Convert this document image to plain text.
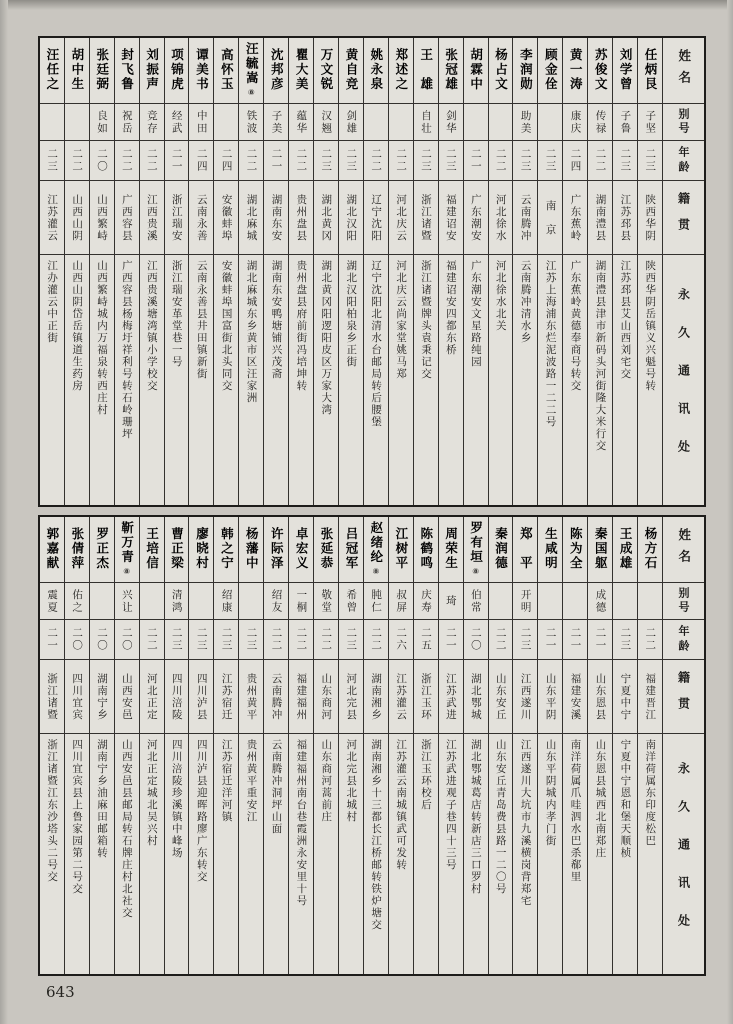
姓名
别号
年龄
籍贯
永久通讯处
任炳艮
子坚
二三
陕西华阴
陕西华阴岳镇义兴魁号转
刘学曾
子鲁
二三
江苏邳县
江苏邳县艾山西刘宅交
苏俊文
传禄
二二
湖南澧县
湖南澧县津市新码头河街隆大米行交
黄一涛
康庆
二四
广东蕉岭
广东蕉岭黄德奉商号转交
顾金佺
二三
南　京
江苏上海浦东烂泥波路一二二号
李润勋
助美
二三
云南腾冲
云南腾冲清水乡
杨占文
二二
河北徐水
河北徐水北关
胡霖中
二一
广东潮安
广东潮安文星路纯园
张冠雄
剑华
二三
福建诏安
福建诏安四都东桥
王　雄
自壮
二三
浙江诸暨
浙江诸暨牌头袁秉记交
郑述之
二二
河北庆云
河北庆云尚家堂姚马郑
姚永泉
二二
辽宁沈阳
辽宁沈阳北清水台邮局转后腰堡
黄自竞
剑雄
二三
湖北汉阳
湖北汉阳柏泉乡正街
万文锐
汉翘
二三
湖北黄冈
湖北黄冈阳逻阳皮区万家大湾
瞿大美
蕴华
二二
贵州盘县
贵州盘县府前街冯培坤转
沈邦彦
子美
二一
湖南东安
湖南东安鸭塘铺兴茂斋
汪毓嵩
⑧
铁波
二二
湖北麻城
湖北麻城东乡黄市区汪家洲
高怀玉
二四
安徽蚌埠
安徽蚌埠国富街北头同交
谭美书
中田
二四
云南永善
云南永善县井田镇新街
项锦虎
经武
二一
浙江瑞安
浙江瑞安革堂巷一号
刘振声
竞存
二二
江西贵溪
江西贵溪塘湾镇小学校交
封飞鲁
祝岳
二二
广西容县
广西容县杨梅圩祥利号转石岭珊坪
张廷弼
良如
二〇
山西繁峙
山西繁峙城内万福泉转西庄村
胡中生
二二
山西山阴
山西山阴岱岳镇道生药房
汪任之
二三
江苏灌云
江办灌云中正街
姓名
别号
年龄
籍贯
永久通讯处
杨方石
二二
福建晋江
南洋荷属东印度松巴
王成雄
二三
宁夏中宁
宁夏中宁恩和堡天顺桢
秦国躯
成德
二一
山东恩县
山东恩县城西北南郑庄
陈为全
二一
福建安溪
南洋荷属爪哇泗水巴杀郗里
生咸明
二一
山东平阴
山东平阴城内孝门街
郑　平
开明
二三
江西遂川
江西遂川大坑市九溪横岗背郑宅
秦润德
二二
山东安丘
山东安丘青岛费县路一二〇号
罗有垣
⑧
伯常
二〇
湖北鄂城
湖北鄂城葛店转新店三口罗村
周荣生
琦
二一
江苏武进
江苏武进观子巷四十三号
陈鹤鸣
庆寿
二五
浙江玉环
浙江玉环校后
江树平
叔屏
二六
江苏灌云
江苏灌云南城镇武可发转
赵绪纶
⑧
肫仁
二二
湖南湘乡
湖南湘乡十三都长江桥邮转铁炉塘交
吕冠军
希曾
二三
河北完县
河北完县北城村
张延恭
敬堂
二二
山东商河
山东商河蒿前庄
卓宏义
一桐
二二
福建福州
福建福州南台巷霞洲永安里十号
许际泽
绍友
二二
云南腾冲
云南腾冲洞坪山面
杨藩中
二三
贵州黄平
贵州黄平重安江
韩之宁
绍康
二三
江苏宿迁
江苏宿迁洋河镇
廖晓村
二三
四川泸县
四川泸县迎晖路廖广东转交
曹正梁
清鸿
二三
四川涪陵
四川涪陵珍溪镇中峰场
王培信
二二
河北正定
河北正定城北吴兴村
靳万青
⑧
兴让
二〇
山西安邑
山西安邑县邮局转石牌庄村北社交
罗正杰
二〇
湖南宁乡
湖南宁乡油麻田邮箱转
张倩萍
佑之
二〇
四川宜宾
四川宜宾县上鲁家园第二号交
郭嘉献
震夏
二一
浙江诸暨
浙江诸暨江东沙塔头二号交
643
